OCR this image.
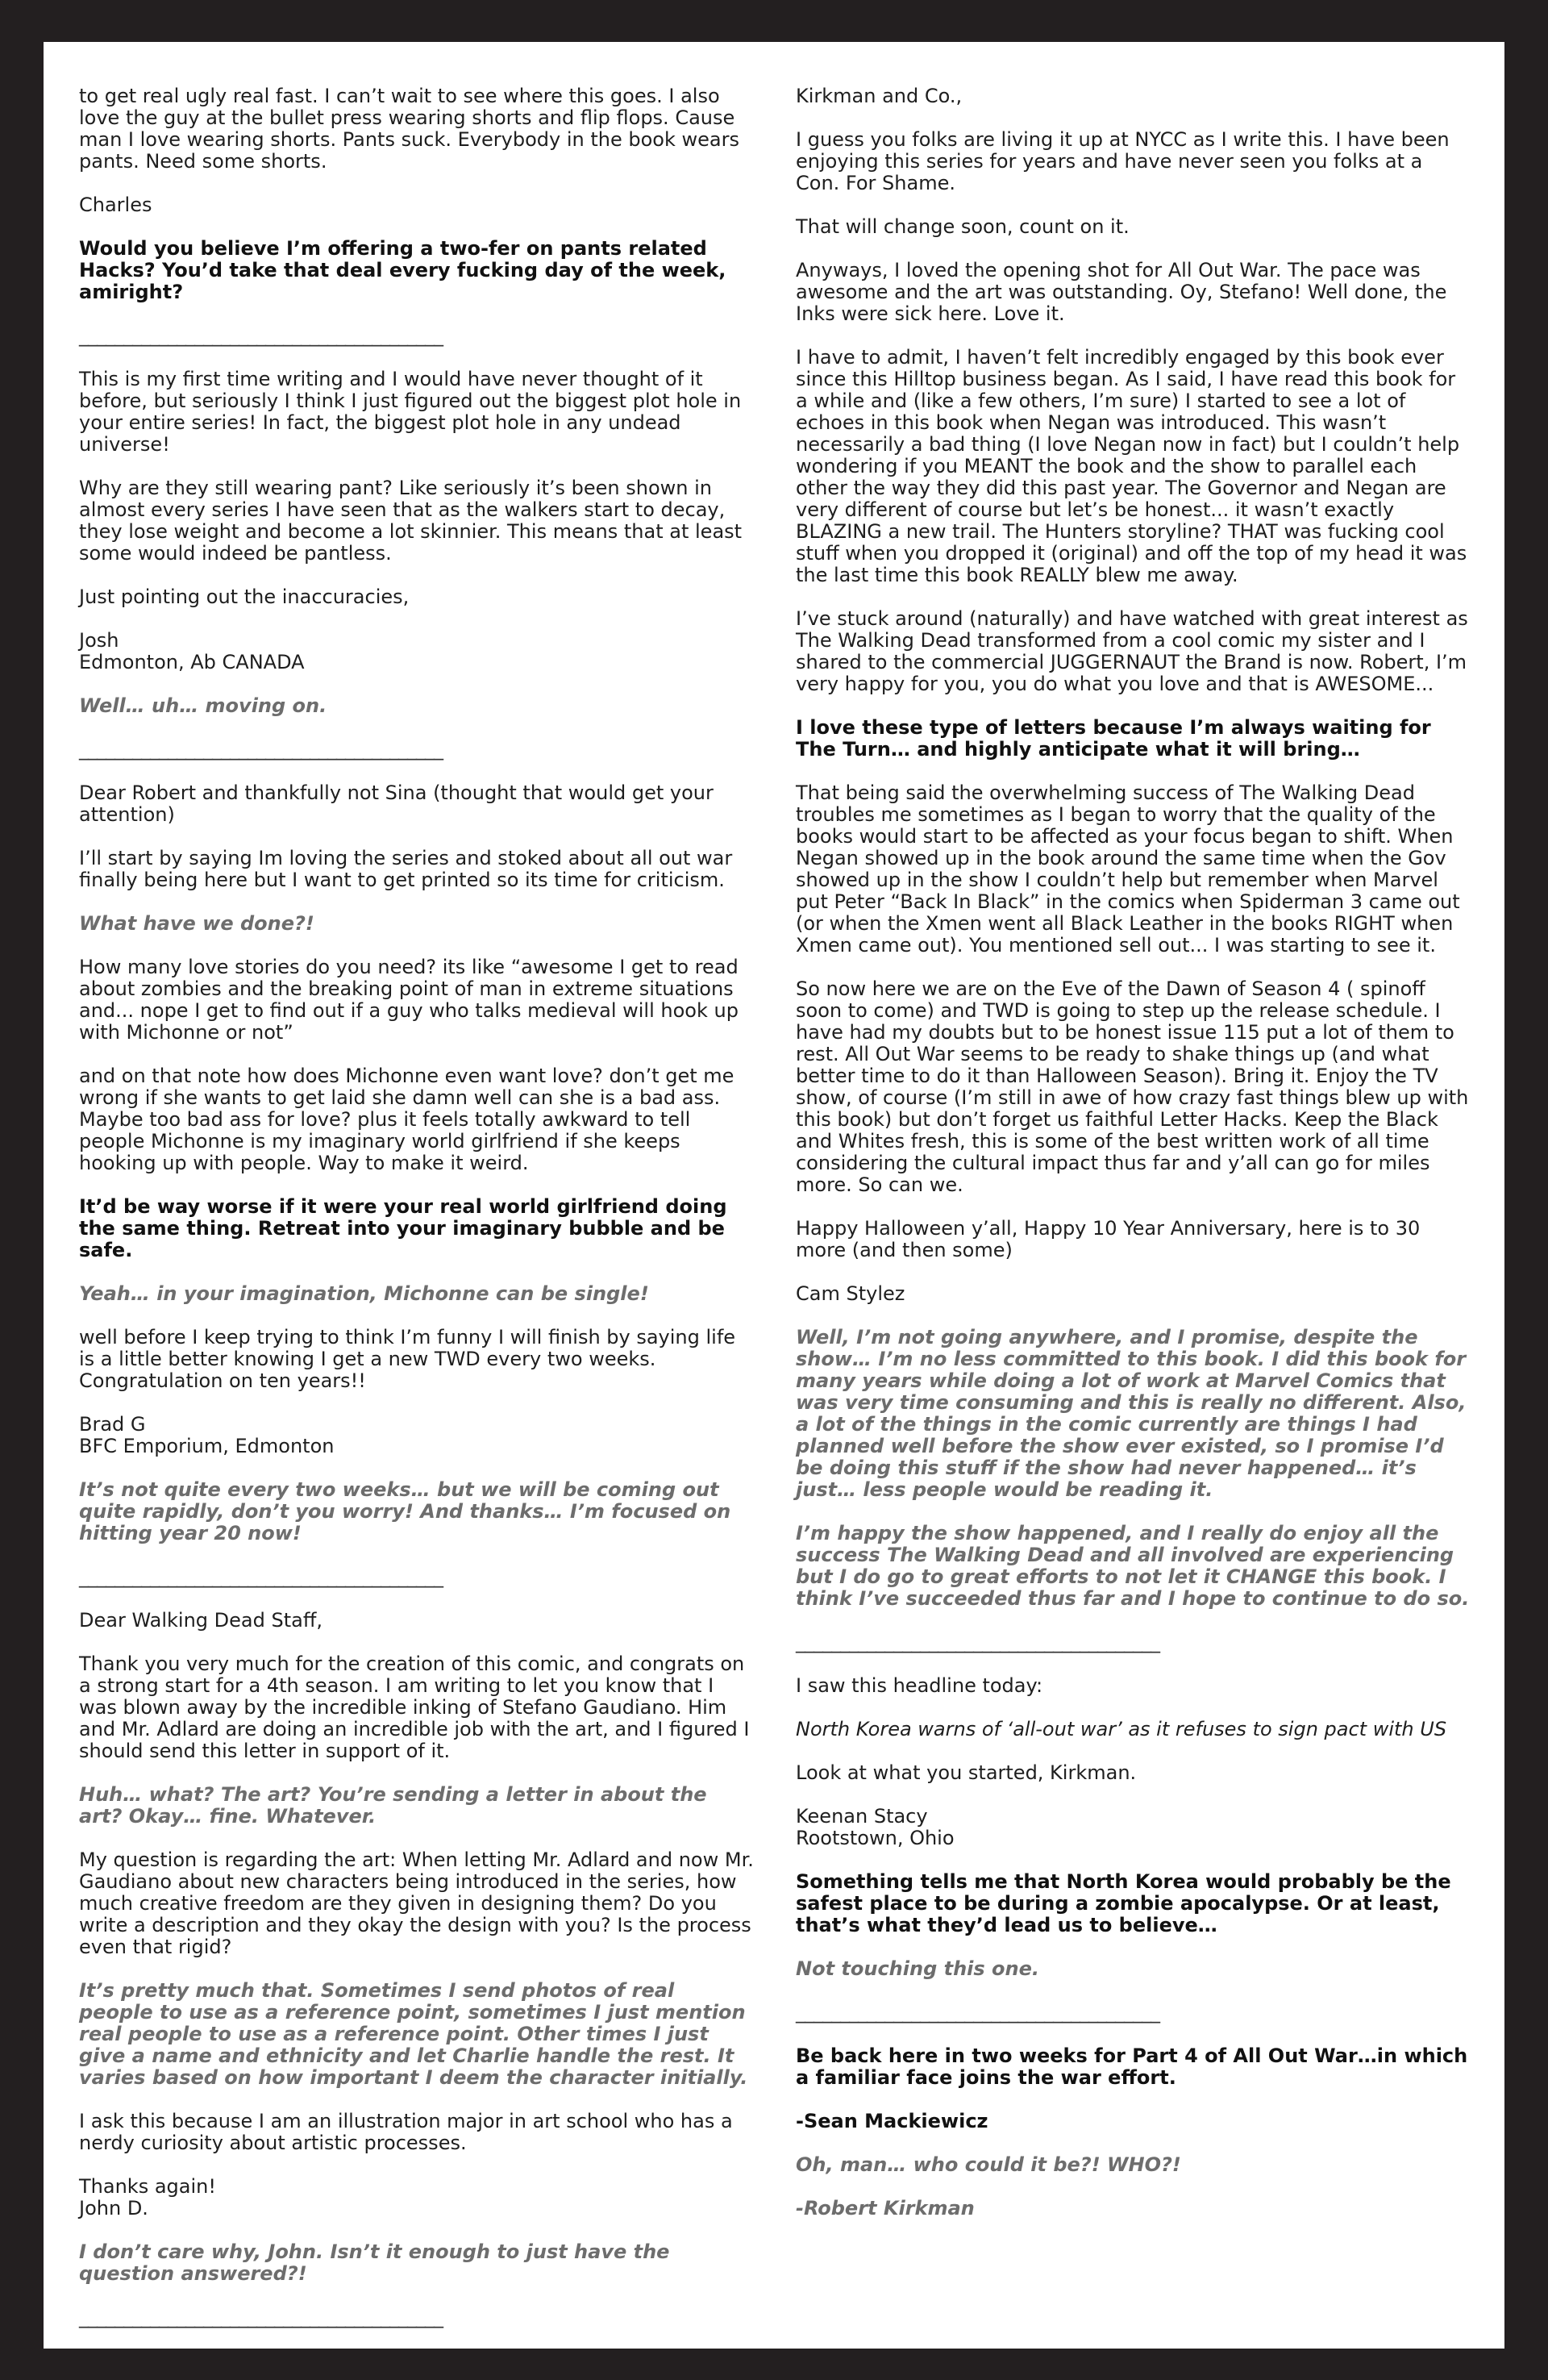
to get real ugly real fast. I can’t wait to see where this goes. I also love the guy at the bullet press wearing shorts and flip flops. Cause man I love wearing shorts. Pants suck. Everybody in the book wears pants. Need some shorts.
Charles
Would you believe I’m offering a two-fer on pants related Hacks? You’d take that deal every fucking day of the week, amiright?
_________________________________________
This is my first time writing and I would have never thought of it before, but seriously I think I just figured out the biggest plot hole in your entire series! In fact, the biggest plot hole in any undead universe!
Why are they still wearing pant? Like seriously it’s been shown in almost every series I have seen that as the walkers start to decay, they lose weight and become a lot skinnier. This means that at least some would indeed be pantless.
Just pointing out the inaccuracies,
Josh
Edmonton, Ab CANADA
Well… uh… moving on.
_________________________________________
Dear Robert and thankfully not Sina (thought that would get your attention)
I’ll start by saying Im loving the series and stoked about all out war finally being here but I want to get printed so its time for criticism.
What have we done?!
How many love stories do you need? its like “awesome I get to read about zombies and the breaking point of man in extreme situations and... nope I get to find out if a guy who talks medieval will hook up with Michonne or not”
and on that note how does Michonne even want love? don’t get me wrong if she wants to get laid she damn well can she is a bad ass. Maybe too bad ass for love? plus it feels totally awkward to tell people Michonne is my imaginary world girlfriend if she keeps hooking up with people. Way to make it weird.
It’d be way worse if it were your real world girlfriend doing the same thing. Retreat into your imaginary bubble and be safe.
Yeah… in your imagination, Michonne can be single!
well before I keep trying to think I’m funny I will finish by saying life is a little better knowing I get a new TWD every two weeks. Congratulation on ten years!!
Brad G
BFC Emporium, Edmonton
It’s not quite every two weeks… but we will be coming out quite rapidly, don’t you worry! And thanks… I’m focused on hitting year 20 now!
_________________________________________
Dear Walking Dead Staff,
Thank you very much for the creation of this comic, and congrats on a strong start for a 4th season. I am writing to let you know that I was blown away by the incredible inking of Stefano Gaudiano. Him and Mr. Adlard are doing an incredible job with the art, and I figured I should send this letter in support of it.
Huh… what? The art? You’re sending a letter in about the art? Okay… fine. Whatever.
My question is regarding the art: When letting Mr. Adlard and now Mr. Gaudiano about new characters being introduced in the series, how much creative freedom are they given in designing them? Do you write a description and they okay the design with you? Is the process even that rigid?
It’s pretty much that. Sometimes I send photos of real people to use as a reference point, sometimes I just mention real people to use as a reference point. Other times I just give a name and ethnicity and let Charlie handle the rest. It varies based on how important I deem the character initially.
I ask this because I am an illustration major in art school who has a nerdy curiosity about artistic processes.
Thanks again!
John D.
I don’t care why, John. Isn’t it enough to just have the question answered?!
_________________________________________
Kirkman and Co.,
I guess you folks are living it up at NYCC as I write this. I have been enjoying this series for years and have never seen you folks at a Con. For Shame.
That will change soon, count on it.
Anyways, I loved the opening shot for All Out War. The pace was awesome and the art was outstanding. Oy, Stefano! Well done, the Inks were sick here. Love it.
I have to admit, I haven’t felt incredibly engaged by this book ever since this Hilltop business began. As I said, I have read this book for a while and (like a few others, I’m sure) I started to see a lot of echoes in this book when Negan was introduced. This wasn’t necessarily a bad thing (I love Negan now in fact) but I couldn’t help wondering if you MEANT the book and the show to parallel each other the way they did this past year. The Governor and Negan are very different of course but let’s be honest... it wasn’t exactly BLAZING a new trail. The Hunters storyline? THAT was fucking cool stuff when you dropped it (original) and off the top of my head it was the last time this book REALLY blew me away.
I’ve stuck around (naturally) and have watched with great interest as The Walking Dead transformed from a cool comic my sister and I shared to the commercial JUGGERNAUT the Brand is now. Robert, I’m very happy for you, you do what you love and that is AWESOME...
I love these type of letters because I’m always waiting for The Turn… and highly anticipate what it will bring…
That being said the overwhelming success of The Walking Dead troubles me sometimes as I began to worry that the quality of the books would start to be affected as your focus began to shift. When Negan showed up in the book around the same time when the Gov showed up in the show I couldn’t help but remember when Marvel put Peter “Back In Black” in the comics when Spiderman 3 came out (or when the Xmen went all Black Leather in the books RIGHT when Xmen came out). You mentioned sell out... I was starting to see it.
So now here we are on the Eve of the Dawn of Season 4 ( spinoff soon to come) and TWD is going to step up the release schedule. I have had my doubts but to be honest issue 115 put a lot of them to rest. All Out War seems to be ready to shake things up (and what better time to do it than Halloween Season). Bring it. Enjoy the TV show, of course (I’m still in awe of how crazy fast things blew up with this book) but don’t forget us faithful Letter Hacks. Keep the Black and Whites fresh, this is some of the best written work of all time considering the cultural impact thus far and y’all can go for miles more. So can we.
Happy Halloween y’all, Happy 10 Year Anniversary, here is to 30 more (and then some)
Cam Stylez
Well, I’m not going anywhere, and I promise, despite the show… I’m no less committed to this book. I did this book for many years while doing a lot of work at Marvel Comics that was very time consuming and this is really no different. Also, a lot of the things in the comic currently are things I had planned well before the show ever existed, so I promise I’d be doing this stuff if the show had never happened… it’s just… less people would be reading it.
I’m happy the show happened, and I really do enjoy all the success The Walking Dead and all involved are experiencing but I do go to great efforts to not let it CHANGE this book. I think I’ve succeeded thus far and I hope to continue to do so.
_________________________________________
I saw this headline today:
North Korea warns of ‘all-out war’ as it refuses to sign pact with US
Look at what you started, Kirkman.
Keenan Stacy
Rootstown, Ohio
Something tells me that North Korea would probably be the safest place to be during a zombie apocalypse. Or at least, that’s what they’d lead us to believe…
Not touching this one.
_________________________________________
Be back here in two weeks for Part 4 of All Out War…in which a familiar face joins the war effort.
-Sean Mackiewicz
Oh, man… who could it be?! WHO?!
-Robert Kirkman
